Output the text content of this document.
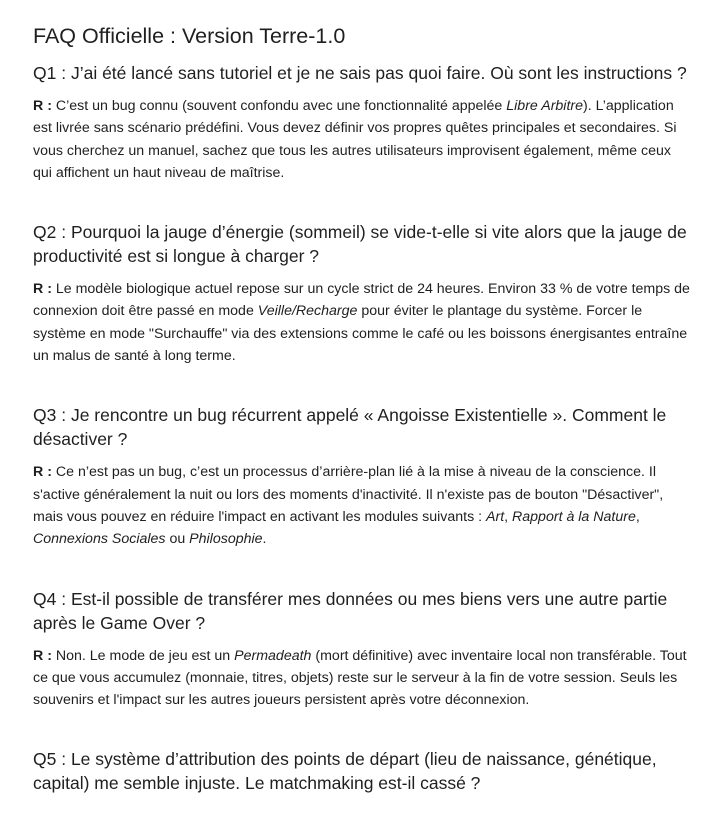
FAQ Officielle : Version Terre-1.0
Q1 : J’ai été lancé sans tutoriel et je ne sais pas quoi faire. Où sont les instructions ?

R : C’est un bug connu (souvent confondu avec une fonctionnalité appelée Libre Arbitre). L’application est livrée sans scénario prédéfini. Vous devez définir vos propres quêtes principales et secondaires. Si vous cherchez un manuel, sachez que tous les autres utilisateurs improvisent également, même ceux qui affichent un haut niveau de maîtrise.

Q2 : Pourquoi la jauge d’énergie (sommeil) se vide-t-elle si vite alors que la jauge de productivité est si longue à charger ?

R : Le modèle biologique actuel repose sur un cycle strict de 24 heures. Environ 33 % de votre temps de connexion doit être passé en mode Veille/Recharge pour éviter le plantage du système. Forcer le système en mode "Surchauffe" via des extensions comme le café ou les boissons énergisantes entraîne un malus de santé à long terme.

Q3 : Je rencontre un bug récurrent appelé « Angoisse Existentielle ». Comment le désactiver ?

R : Ce n’est pas un bug, c’est un processus d’arrière-plan lié à la mise à niveau de la conscience. Il s'active généralement la nuit ou lors des moments d'inactivité. Il n'existe pas de bouton "Désactiver", mais vous pouvez en réduire l'impact en activant les modules suivants : Art, Rapport à la Nature, Connexions Sociales ou Philosophie.

Q4 : Est-il possible de transférer mes données ou mes biens vers une autre partie après le Game Over ?

R : Non. Le mode de jeu est un Permadeath (mort définitive) avec inventaire local non transférable. Tout ce que vous accumulez (monnaie, titres, objets) reste sur le serveur à la fin de votre session. Seuls les souvenirs et l'impact sur les autres joueurs persistent après votre déconnexion.

Q5 : Le système d’attribution des points de départ (lieu de naissance, génétique, capital) me semble injuste. Le matchmaking est-il cassé ?
